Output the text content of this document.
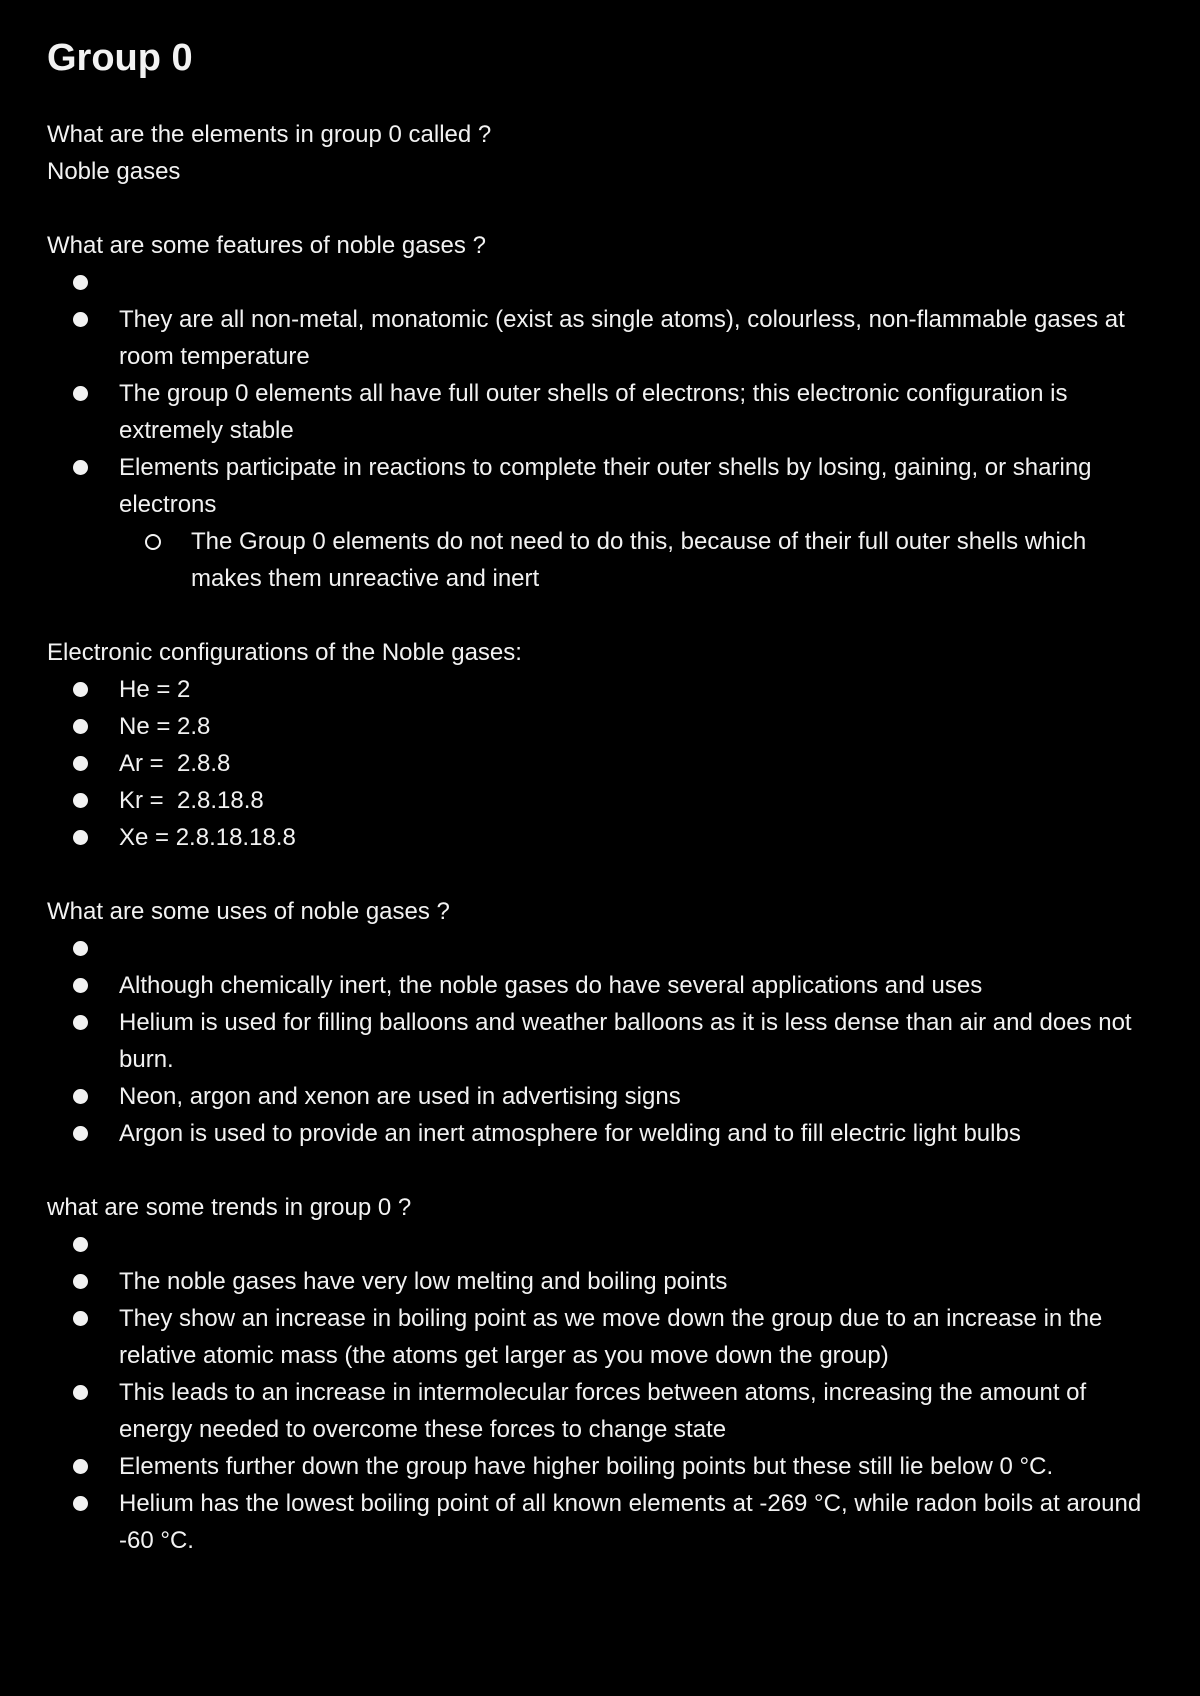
Group 0

What are the elements in group 0 called ?

Noble gases

What are some features of noble gases ?

They are all non-metal, monatomic (exist as single atoms), colourless, non-flammable gases at room temperature
The group 0 elements all have full outer shells of electrons; this electronic configuration is extremely stable
Elements participate in reactions to complete their outer shells by losing, gaining, or sharing electrons
The Group 0 elements do not need to do this, because of their full outer shells which makes them unreactive and inert

Electronic configurations of the Noble gases:

He = 2
Ne = 2.8
Ar =  2.8.8
Kr =  2.8.18.8
Xe = 2.8.18.18.8

What are some uses of noble gases ?

Although chemically inert, the noble gases do have several applications and uses
Helium is used for filling balloons and weather balloons as it is less dense than air and does not burn.
Neon, argon and xenon are used in advertising signs
Argon is used to provide an inert atmosphere for welding and to fill electric light bulbs

what are some trends in group 0 ?

The noble gases have very low melting and boiling points
They show an increase in boiling point as we move down the group due to an increase in the relative atomic mass (the atoms get larger as you move down the group)
This leads to an increase in intermolecular forces between atoms, increasing the amount of energy needed to overcome these forces to change state
Elements further down the group have higher boiling points but these still lie below 0 °C.
Helium has the lowest boiling point of all known elements at -269 °C, while radon boils at around -60 °C.
